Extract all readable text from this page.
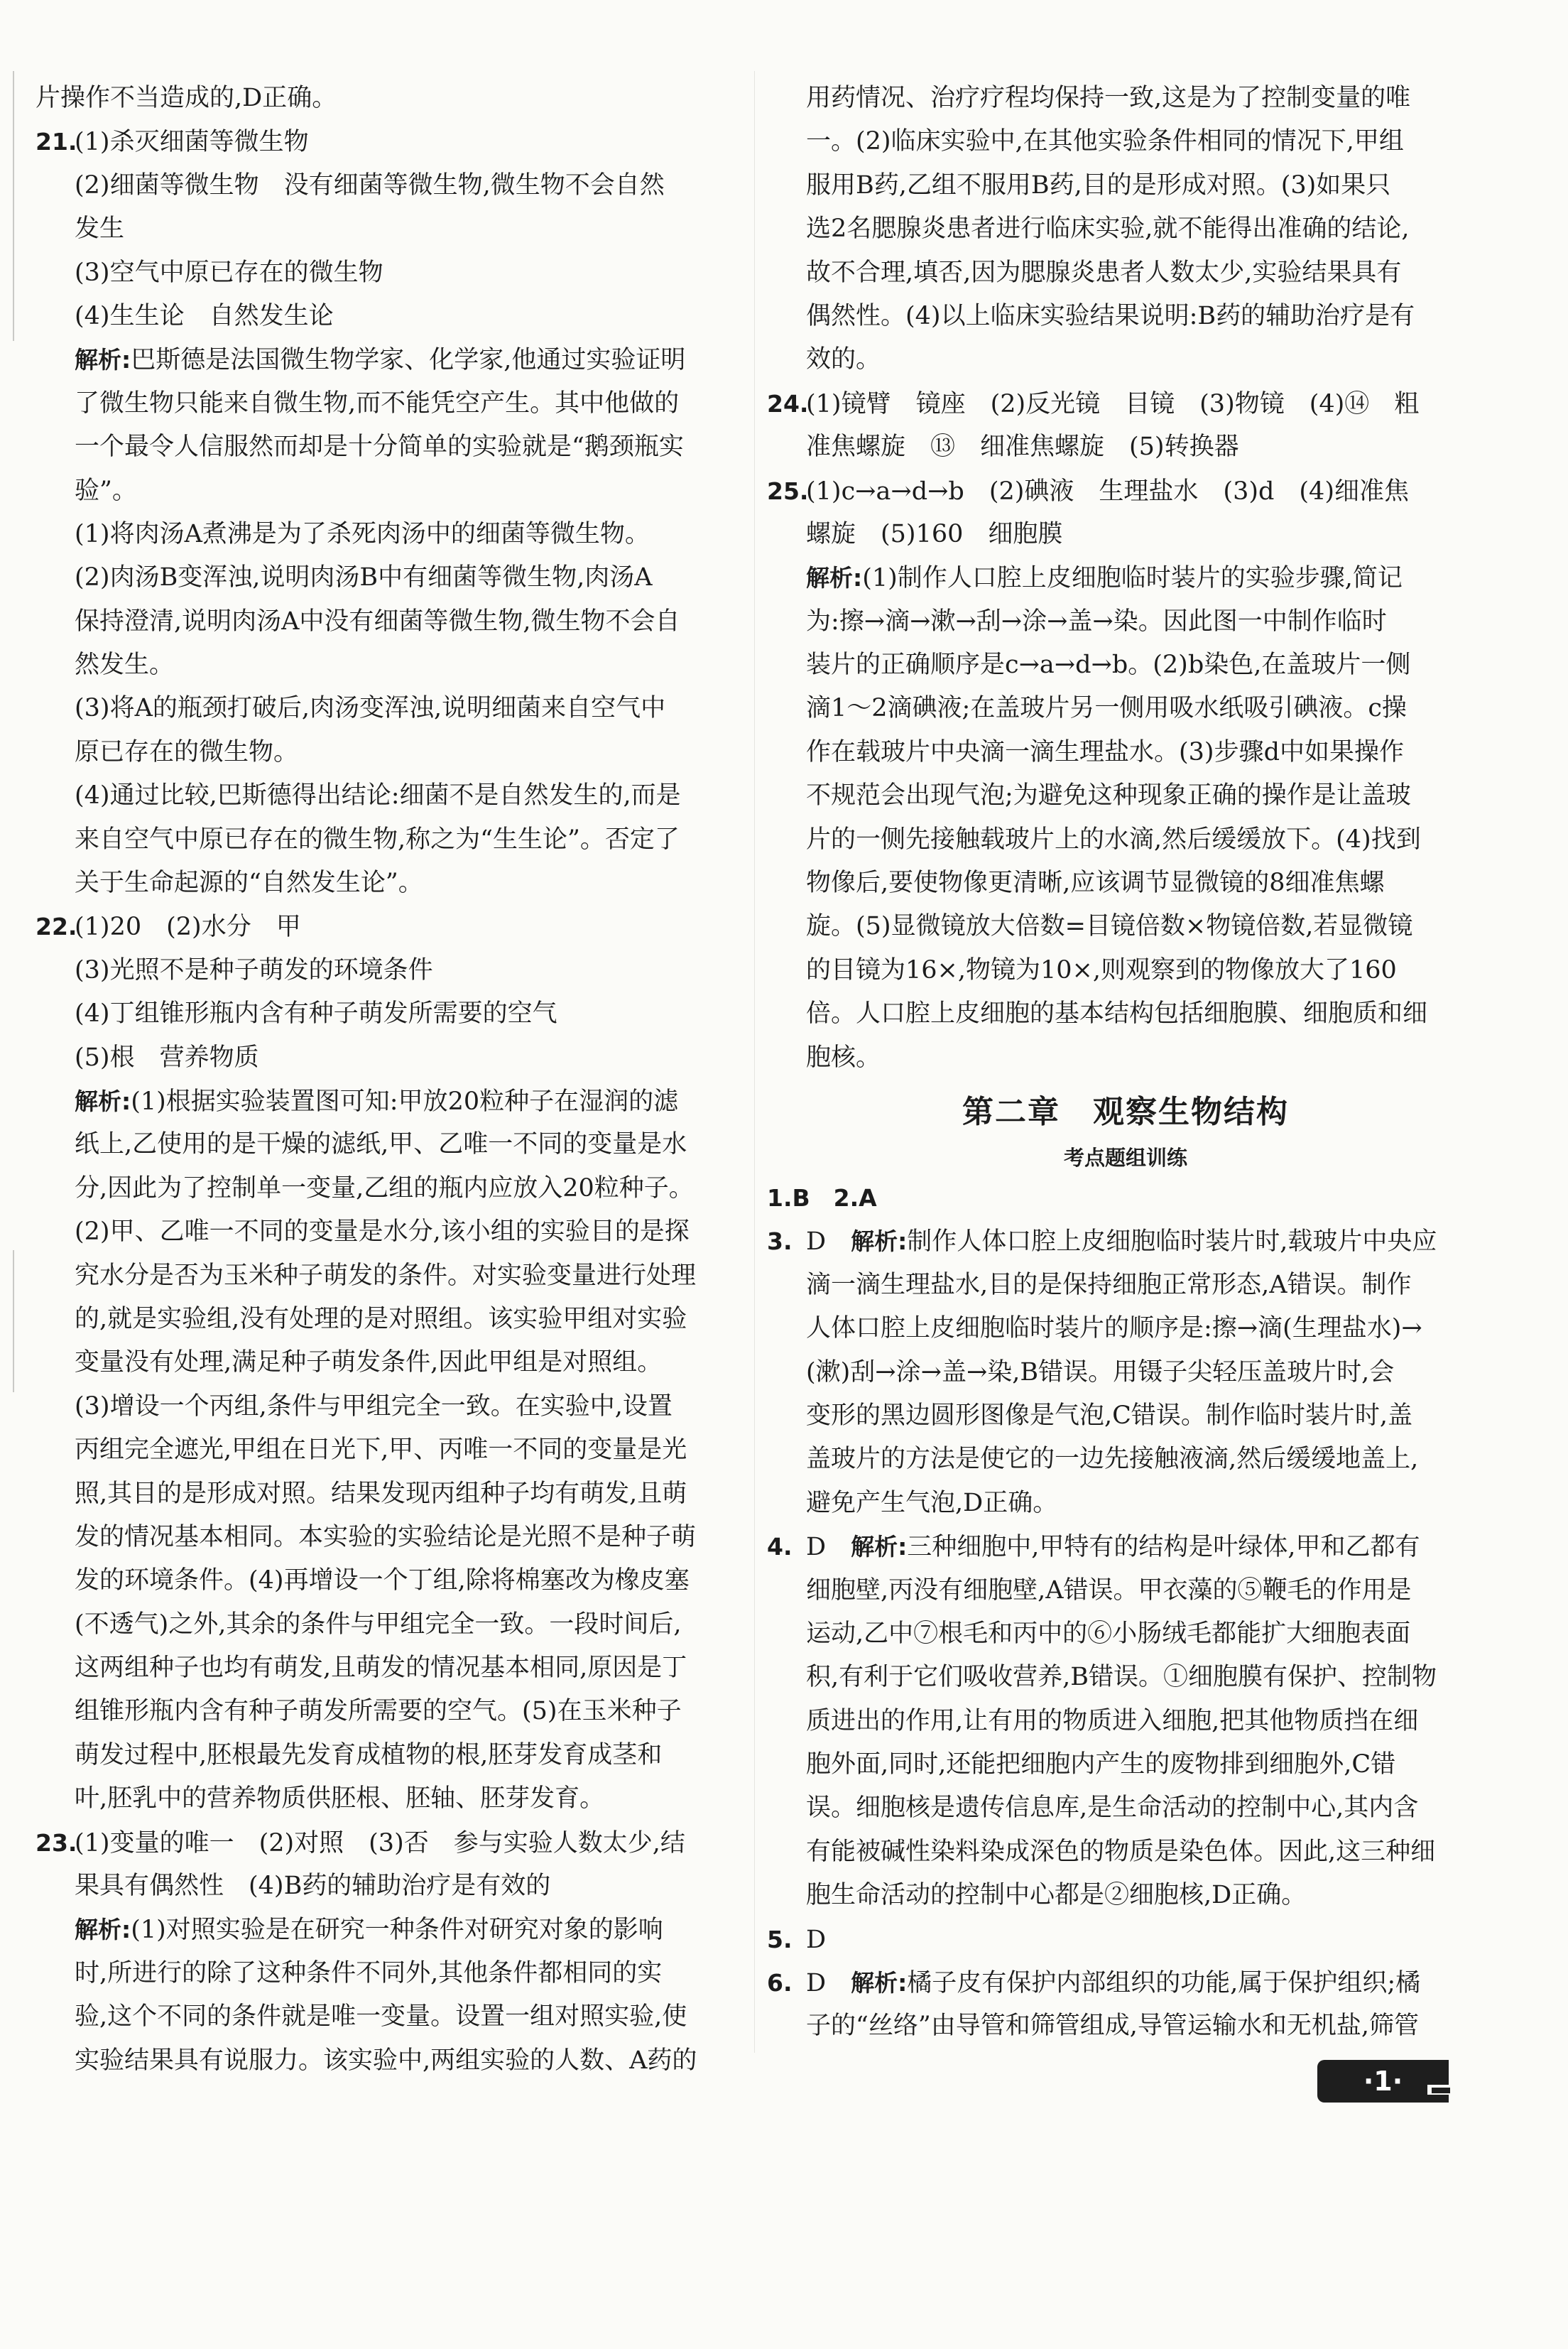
片操作不当造成的,D正确。
21.(1)杀灭细菌等微生物
(2)细菌等微生物　没有细菌等微生物,微生物不会自然
发生
(3)空气中原已存在的微生物
(4)生生论　自然发生论
解析:巴斯德是法国微生物学家、化学家,他通过实验证明
了微生物只能来自微生物,而不能凭空产生。其中他做的
一个最令人信服然而却是十分简单的实验就是“鹅颈瓶实
验”。
(1)将肉汤A煮沸是为了杀死肉汤中的细菌等微生物。
(2)肉汤B变浑浊,说明肉汤B中有细菌等微生物,肉汤A
保持澄清,说明肉汤A中没有细菌等微生物,微生物不会自
然发生。
(3)将A的瓶颈打破后,肉汤变浑浊,说明细菌来自空气中
原已存在的微生物。
(4)通过比较,巴斯德得出结论:细菌不是自然发生的,而是
来自空气中原已存在的微生物,称之为“生生论”。否定了
关于生命起源的“自然发生论”。
22.(1)20　(2)水分　甲
(3)光照不是种子萌发的环境条件
(4)丁组锥形瓶内含有种子萌发所需要的空气
(5)根　营养物质
解析:(1)根据实验装置图可知:甲放20粒种子在湿润的滤
纸上,乙使用的是干燥的滤纸,甲、乙唯一不同的变量是水
分,因此为了控制单一变量,乙组的瓶内应放入20粒种子。
(2)甲、乙唯一不同的变量是水分,该小组的实验目的是探
究水分是否为玉米种子萌发的条件。对实验变量进行处理
的,就是实验组,没有处理的是对照组。该实验甲组对实验
变量没有处理,满足种子萌发条件,因此甲组是对照组。
(3)增设一个丙组,条件与甲组完全一致。在实验中,设置
丙组完全遮光,甲组在日光下,甲、丙唯一不同的变量是光
照,其目的是形成对照。结果发现丙组种子均有萌发,且萌
发的情况基本相同。本实验的实验结论是光照不是种子萌
发的环境条件。(4)再增设一个丁组,除将棉塞改为橡皮塞
(不透气)之外,其余的条件与甲组完全一致。一段时间后,
这两组种子也均有萌发,且萌发的情况基本相同,原因是丁
组锥形瓶内含有种子萌发所需要的空气。(5)在玉米种子
萌发过程中,胚根最先发育成植物的根,胚芽发育成茎和
叶,胚乳中的营养物质供胚根、胚轴、胚芽发育。
23.(1)变量的唯一　(2)对照　(3)否　参与实验人数太少,结
果具有偶然性　(4)B药的辅助治疗是有效的
解析:(1)对照实验是在研究一种条件对研究对象的影响
时,所进行的除了这种条件不同外,其他条件都相同的实
验,这个不同的条件就是唯一变量。设置一组对照实验,使
实验结果具有说服力。该实验中,两组实验的人数、A药的
用药情况、治疗疗程均保持一致,这是为了控制变量的唯
一。(2)临床实验中,在其他实验条件相同的情况下,甲组
服用B药,乙组不服用B药,目的是形成对照。(3)如果只
选2名腮腺炎患者进行临床实验,就不能得出准确的结论,
故不合理,填否,因为腮腺炎患者人数太少,实验结果具有
偶然性。(4)以上临床实验结果说明:B药的辅助治疗是有
效的。
24.(1)镜臂　镜座　(2)反光镜　目镜　(3)物镜　(4)⑭　粗
准焦螺旋　⑬　细准焦螺旋　(5)转换器
25.(1)c→a→d→b　(2)碘液　生理盐水　(3)d　(4)细准焦
螺旋　(5)160　细胞膜
解析:(1)制作人口腔上皮细胞临时装片的实验步骤,简记
为:擦→滴→漱→刮→涂→盖→染。因此图一中制作临时
装片的正确顺序是c→a→d→b。(2)b染色,在盖玻片一侧
滴1～2滴碘液;在盖玻片另一侧用吸水纸吸引碘液。c操
作在载玻片中央滴一滴生理盐水。(3)步骤d中如果操作
不规范会出现气泡;为避免这种现象正确的操作是让盖玻
片的一侧先接触载玻片上的水滴,然后缓缓放下。(4)找到
物像后,要使物像更清晰,应该调节显微镜的8细准焦螺
旋。(5)显微镜放大倍数=目镜倍数×物镜倍数,若显微镜
的目镜为16×,物镜为10×,则观察到的物像放大了160
倍。人口腔上皮细胞的基本结构包括细胞膜、细胞质和细
胞核。
第二章　观察生物结构
考点题组训练
1.B　2.A
3. D　解析:制作人体口腔上皮细胞临时装片时,载玻片中央应
滴一滴生理盐水,目的是保持细胞正常形态,A错误。制作
人体口腔上皮细胞临时装片的顺序是:擦→滴(生理盐水)→
(漱)刮→涂→盖→染,B错误。用镊子尖轻压盖玻片时,会
变形的黑边圆形图像是气泡,C错误。制作临时装片时,盖
盖玻片的方法是使它的一边先接触液滴,然后缓缓地盖上,
避免产生气泡,D正确。
4. D　解析:三种细胞中,甲特有的结构是叶绿体,甲和乙都有
细胞壁,丙没有细胞壁,A错误。甲衣藻的⑤鞭毛的作用是
运动,乙中⑦根毛和丙中的⑥小肠绒毛都能扩大细胞表面
积,有利于它们吸收营养,B错误。①细胞膜有保护、控制物
质进出的作用,让有用的物质进入细胞,把其他物质挡在细
胞外面,同时,还能把细胞内产生的废物排到细胞外,C错
误。细胞核是遗传信息库,是生命活动的控制中心,其内含
有能被碱性染料染成深色的物质是染色体。因此,这三种细
胞生命活动的控制中心都是②细胞核,D正确。
5. D
6. D　解析:橘子皮有保护内部组织的功能,属于保护组织;橘
子的“丝络”由导管和筛管组成,导管运输水和无机盐,筛管
·1·
